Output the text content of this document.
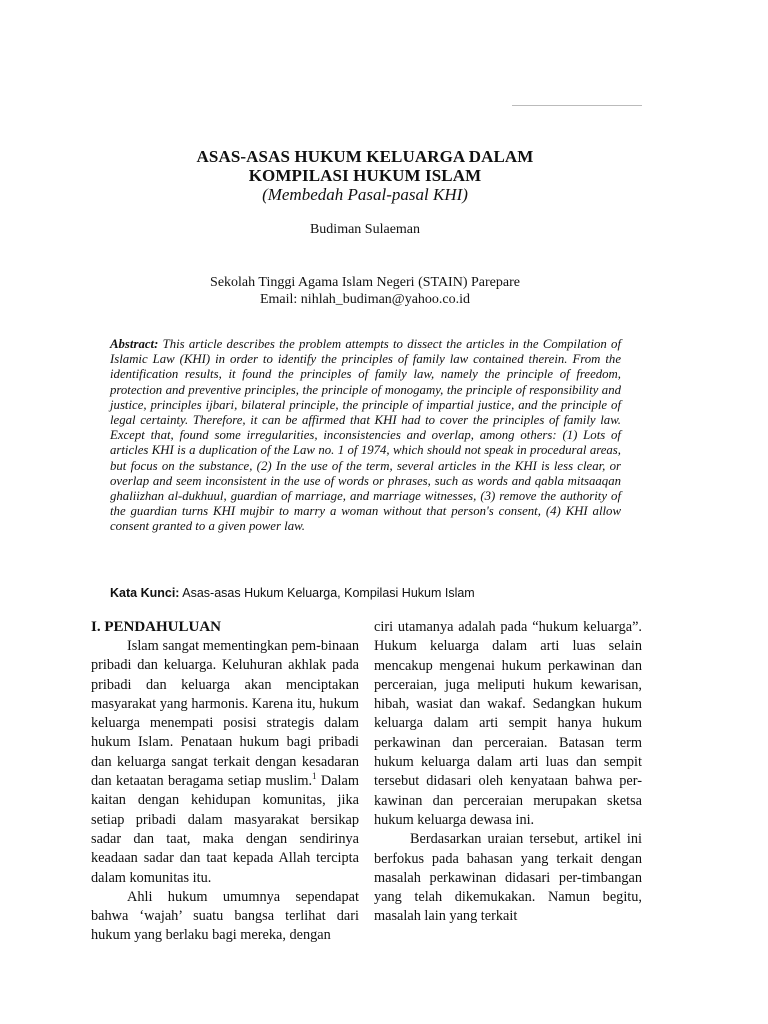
ASAS-ASAS HUKUM KELUARGA DALAM
KOMPILASI HUKUM ISLAM
(Membedah Pasal-pasal KHI)
Budiman Sulaeman
Sekolah Tinggi Agama Islam Negeri (STAIN) Parepare
Email: nihlah_budiman@yahoo.co.id
Abstract: This article describes the problem attempts to dissect the articles in the Compilation of Islamic Law (KHI) in order to identify the principles of family law contained therein. From the identification results, it found the principles of family law, namely the principle of freedom, protection and preventive principles, the principle of monogamy, the principle of responsibility and justice, principles ijbari, bilateral principle, the principle of impartial justice, and the principle of legal certainty. Therefore, it can be affirmed that KHI had to cover the principles of family law. Except that, found some irregularities, inconsistencies and overlap, among others: (1) Lots of articles KHI is a duplication of the Law no. 1 of 1974, which should not speak in procedural areas, but focus on the substance, (2) In the use of the term, several articles in the KHI is less clear, or overlap and seem inconsistent in the use of words or phrases, such as words and qabla mitsaaqan ghaliizhan al-dukhuul, guardian of marriage, and marriage witnesses, (3) remove the authority of the guardian turns KHI mujbir to marry a woman without that person's consent, (4) KHI allow consent granted to a given power law.
Kata Kunci: Asas-asas Hukum Keluarga, Kompilasi Hukum Islam
I. PENDAHULUAN

Islam sangat mementingkan pem-binaan pribadi dan keluarga. Keluhuran akhlak pada pribadi dan keluarga akan menciptakan masyarakat yang harmonis. Karena itu, hukum keluarga menempati posisi strategis dalam hukum Islam. Penataan hukum bagi pribadi dan keluarga sangat terkait dengan kesadaran dan ketaatan beragama setiap muslim.$^1$ Dalam kaitan dengan kehidupan komunitas, jika setiap pribadi dalam masyarakat bersikap sadar dan taat, maka dengan sendirinya keadaan sadar dan taat kepada Allah tercipta dalam komunitas itu.

Ahli hukum umumnya sependapat bahwa ‘wajah’ suatu bangsa terlihat dari hukum yang berlaku bagi mereka, dengan

ciri utamanya adalah pada “hukum keluarga”. Hukum keluarga dalam arti luas selain mencakup mengenai hukum perkawinan dan perceraian, juga meliputi hukum kewarisan, hibah, wasiat dan wakaf. Sedangkan hukum keluarga dalam arti sempit hanya hukum perkawinan dan perceraian. Batasan term hukum keluarga dalam arti luas dan sempit tersebut didasari oleh kenyataan bahwa per-kawinan dan perceraian merupakan sketsa hukum keluarga dewasa ini.

Berdasarkan uraian tersebut, artikel ini berfokus pada bahasan yang terkait dengan masalah perkawinan didasari per-timbangan yang telah dikemukakan. Namun begitu, masalah lain yang terkait
